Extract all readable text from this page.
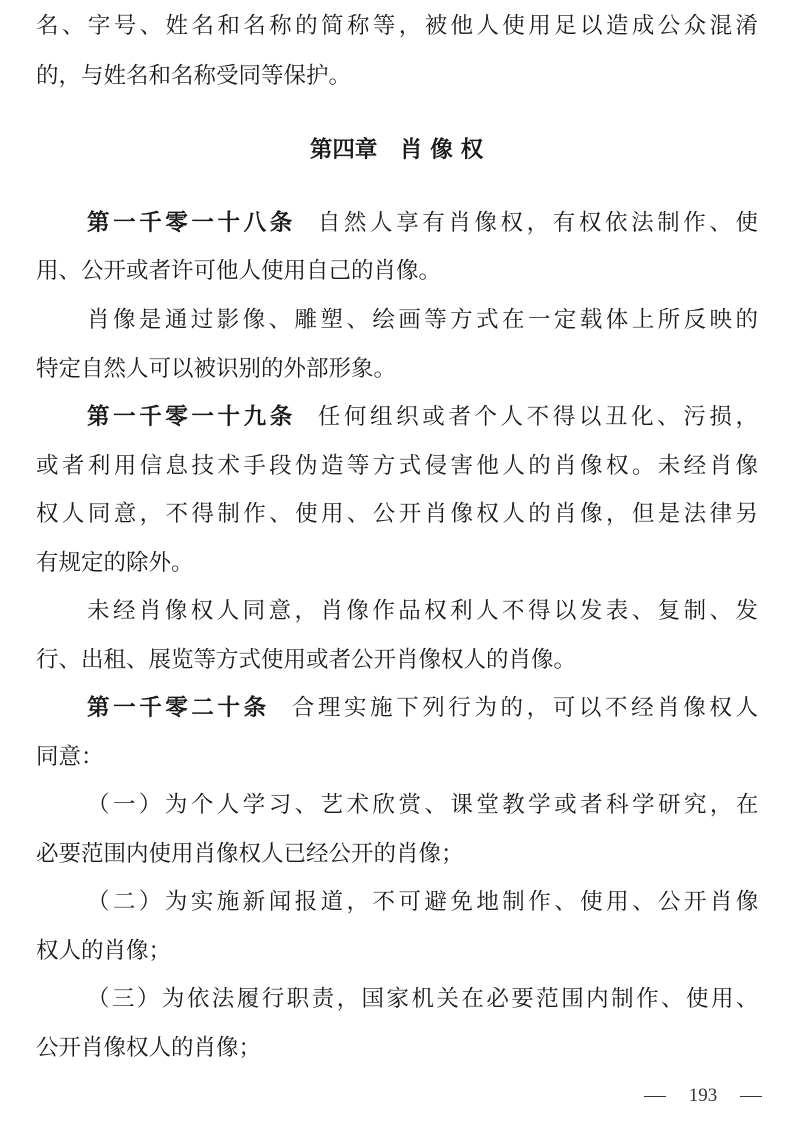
名、字号、姓名和名称的简称等，被他人使用足以造成公众混淆
的，与姓名和名称受同等保护。
第四章　肖 像 权
第一千零一十八条 自然人享有肖像权，有权依法制作、使
用、公开或者许可他人使用自己的肖像。
肖像是通过影像、雕塑、绘画等方式在一定载体上所反映的
特定自然人可以被识别的外部形象。
第一千零一十九条 任何组织或者个人不得以丑化、污损，
或者利用信息技术手段伪造等方式侵害他人的肖像权。未经肖像
权人同意，不得制作、使用、公开肖像权人的肖像，但是法律另
有规定的除外。
未经肖像权人同意，肖像作品权利人不得以发表、复制、发
行、出租、展览等方式使用或者公开肖像权人的肖像。
第一千零二十条 合理实施下列行为的，可以不经肖像权人
同意：
（一）为个人学习、艺术欣赏、课堂教学或者科学研究，在
必要范围内使用肖像权人已经公开的肖像；
（二）为实施新闻报道，不可避免地制作、使用、公开肖像
权人的肖像；
（三）为依法履行职责，国家机关在必要范围内制作、使用、
公开肖像权人的肖像；
193
